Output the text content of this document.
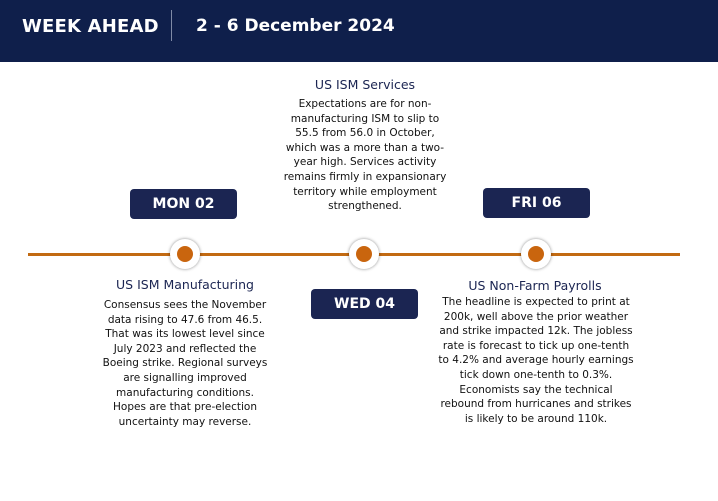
WEEK AHEAD 2 - 6 December 2024
US ISM Services
Expectations are for non-manufacturing ISM to slip to 55.5 from 56.0 in October, which was a more than a two-year high. Services activity remains firmly in expansionary territory while employment strengthened.
MON 02	FRI 06
WED 04
US ISM Manufacturing
Consensus sees the November data rising to 47.6 from 46.5. That was its lowest level since July 2023 and reflected the Boeing strike. Regional surveys are signalling improved manufacturing conditions. Hopes are that pre-election uncertainty may reverse.
US Non-Farm Payrolls
The headline is expected to print at 200k, well above the prior weather and strike impacted 12k. The jobless rate is forecast to tick up one-tenth to 4.2% and average hourly earnings tick down one-tenth to 0.3%. Economists say the technical rebound from hurricanes and strikes is likely to be around 110k.
